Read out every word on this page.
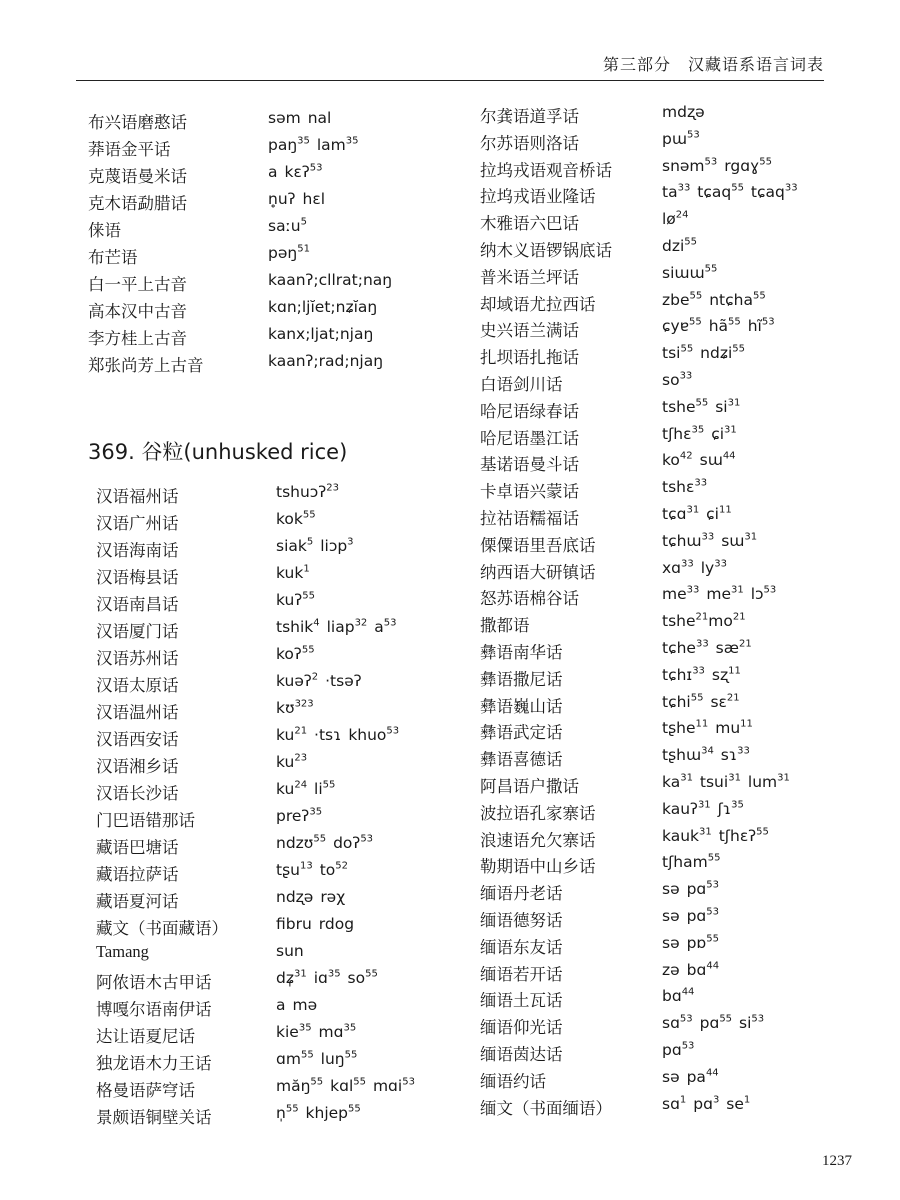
第三部分　汉藏语系语言词表
布兴语磨憨话	səm nal
莽语金平话	paŋ$^{35}$ lam$^{35}$
克蔑语曼米话	a kɛʔ$^{53}$
克木语勐腊话	n̥uʔ hɛl
俫语	saːu$^5$
布芒语	pəŋ$^{51}$
白一平上古音	kaanʔ;cllrat;naŋ
高本汉中古音	kɑn;ljĭet;nʑĭaŋ
李方桂上古音	kanx;ljat;njaŋ
郑张尚芳上古音	kaanʔ;rad;njaŋ
369. 谷粒(unhusked rice)
汉语福州话	tshuɔʔ$^{23}$
汉语广州话	kok$^{55}$
汉语海南话	siak$^5$ liɔp$^3$
汉语梅县话	kuk$^1$
汉语南昌话	kuʔ$^{55}$
汉语厦门话	tshik$^4$ liap$^{32}$ $a^{53}$
汉语苏州话	koʔ$^{55}$
汉语太原话	kuəʔ$^2$ ·tsəʔ
汉语温州话	kʊ$^{323}$
汉语西安话	$ku^{21}$ ·tsɿ khuo$^{53}$
汉语湘乡话	$ku^{23}$
汉语长沙话	$ku^{24}$ $li^{55}$
门巴语错那话	preʔ$^{35}$
藏语巴塘话	ndzʊ$^{55}$ doʔ$^{53}$
藏语拉萨话	tʂu$^{13}$ $to^{52}$
藏语夏河话	ndʐə rəχ
藏文（书面藏语）	fibru rdog
Tamang	sun
阿侬语木古甲话	dʑ̩$^{31}$ iɑ$^{35}$ $so^{55}$
博嘎尔语南伊话	a mə
达让语夏尼话	kie$^{35}$ mɑ$^{35}$
独龙语木力王话	ɑm$^{55}$ luŋ$^{55}$
格曼语萨穹话	măŋ$^{55}$ kɑl$^{55}$ mɑi$^{53}$
景颇语铜壁关话	n̩$^{55}$ khjep$^{55}$
尔龚语道孚话	mdʐə
尔苏语则洛话	pɯ$^{53}$
拉坞戎语观音桥话	snəm$^{53}$ rgɑɣ$^{55}$
拉坞戎语业隆话	$ta^{33}$ tɕaq$^{55}$ tɕaq$^{33}$
木雅语六巴话	$lø^{24}$
纳木义语锣锅底话	dzi$^{55}$
普米语兰坪话	siɯɯ$^{55}$
却域语尤拉西话	zbe$^{55}$ ntɕha$^{55}$
史兴语兰满话	ɕyɐ$^{55}$ $hã^{55}$ $hĩ^{53}$
扎坝语扎拖话	tsi$^{55}$ ndʑi$^{55}$
白语剑川话	$so^{33}$
哈尼语绿春话	tshe$^{55}$ $si^{31}$
哈尼语墨江话	tʃhɛ$^{35}$ ɕi$^{31}$
基诺语曼斗话	$ko^{42}$ sɯ$^{44}$
卡卓语兴蒙话	tshɛ$^{33}$
拉祜语糯福话	tɕɑ$^{31}$ ɕi$^{11}$
傈僳语里吾底话	tɕhɯ$^{33}$ sɯ$^{31}$
纳西语大研镇话	xɑ$^{33}$ $ly^{33}$
怒苏语棉谷话	$me^{33}$ $me^{31}$ lɔ$^{53}$
撒都语	$tshe^{21}mo^{21}$
彝语南华话	tɕhe$^{33}$ $sæ^{21}$
彝语撒尼话	tɕhɪ$^{33}$ sʐ$^{11}$
彝语巍山话	tɕhi$^{55}$ sɛ$^{21}$
彝语武定话	tʂhe$^{11}$ $mu^{11}$
彝语喜德话	tʂhɯ$^{34}$ sɿ$^{33}$
阿昌语户撒话	$ka^{31}$ tsui$^{31}$ lum$^{31}$
波拉语孔家寨话	kauʔ$^{31}$ ʃɿ$^{35}$
浪速语允欠寨话	kauk$^{31}$ tʃhɛʔ$^{55}$
勒期语中山乡话	tʃham$^{55}$
缅语丹老话	sə pɑ$^{53}$
缅语德努话	sə pɑ$^{53}$
缅语东友话	sə pɒ$^{55}$
缅语若开话	zə bɑ$^{44}$
缅语土瓦话	bɑ$^{44}$
缅语仰光话	sɑ$^{53}$ pɑ$^{55}$ $si^{53}$
缅语茵达话	pɑ$^{53}$
缅语约话	sə $pa^{44}$
缅文（书面缅语）	sɑ$^1$ pɑ$^3$ $se^1$
1237
